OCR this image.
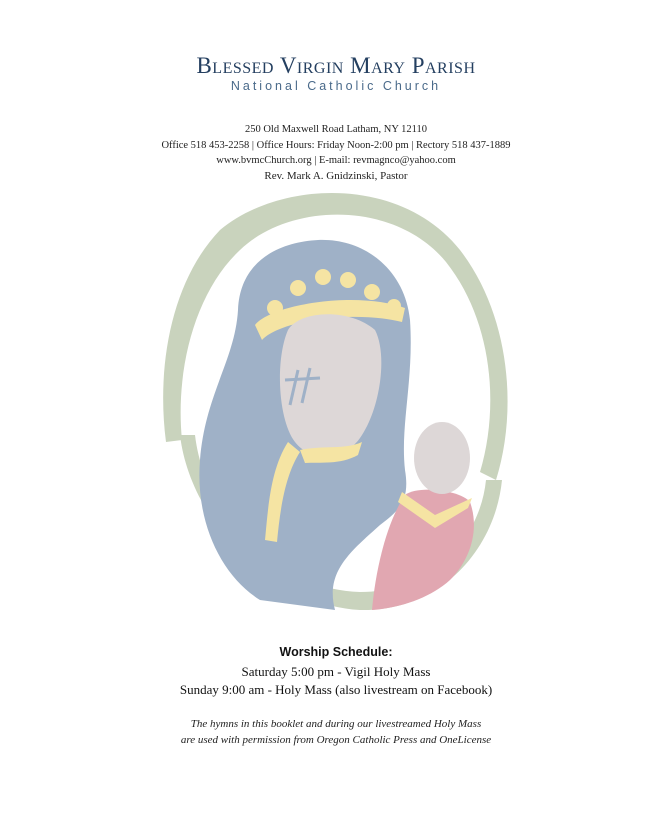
Blessed Virgin Mary Parish

National Catholic Church

250 Old Maxwell Road Latham, NY 12110
Office 518 453-2258 | Office Hours: Friday Noon-2:00 pm | Rectory 518 437-1889
www.bvmcChurch.org | E-mail: revmagnco@yahoo.com
Rev. Mark A. Gnidzinski, Pastor
Worship Schedule:
Saturday 5:00 pm - Vigil Holy Mass
Sunday 9:00 am - Holy Mass (also livestream on Facebook)
The hymns in this booklet and during our livestreamed Holy Mass
are used with permission from Oregon Catholic Press and OneLicense
